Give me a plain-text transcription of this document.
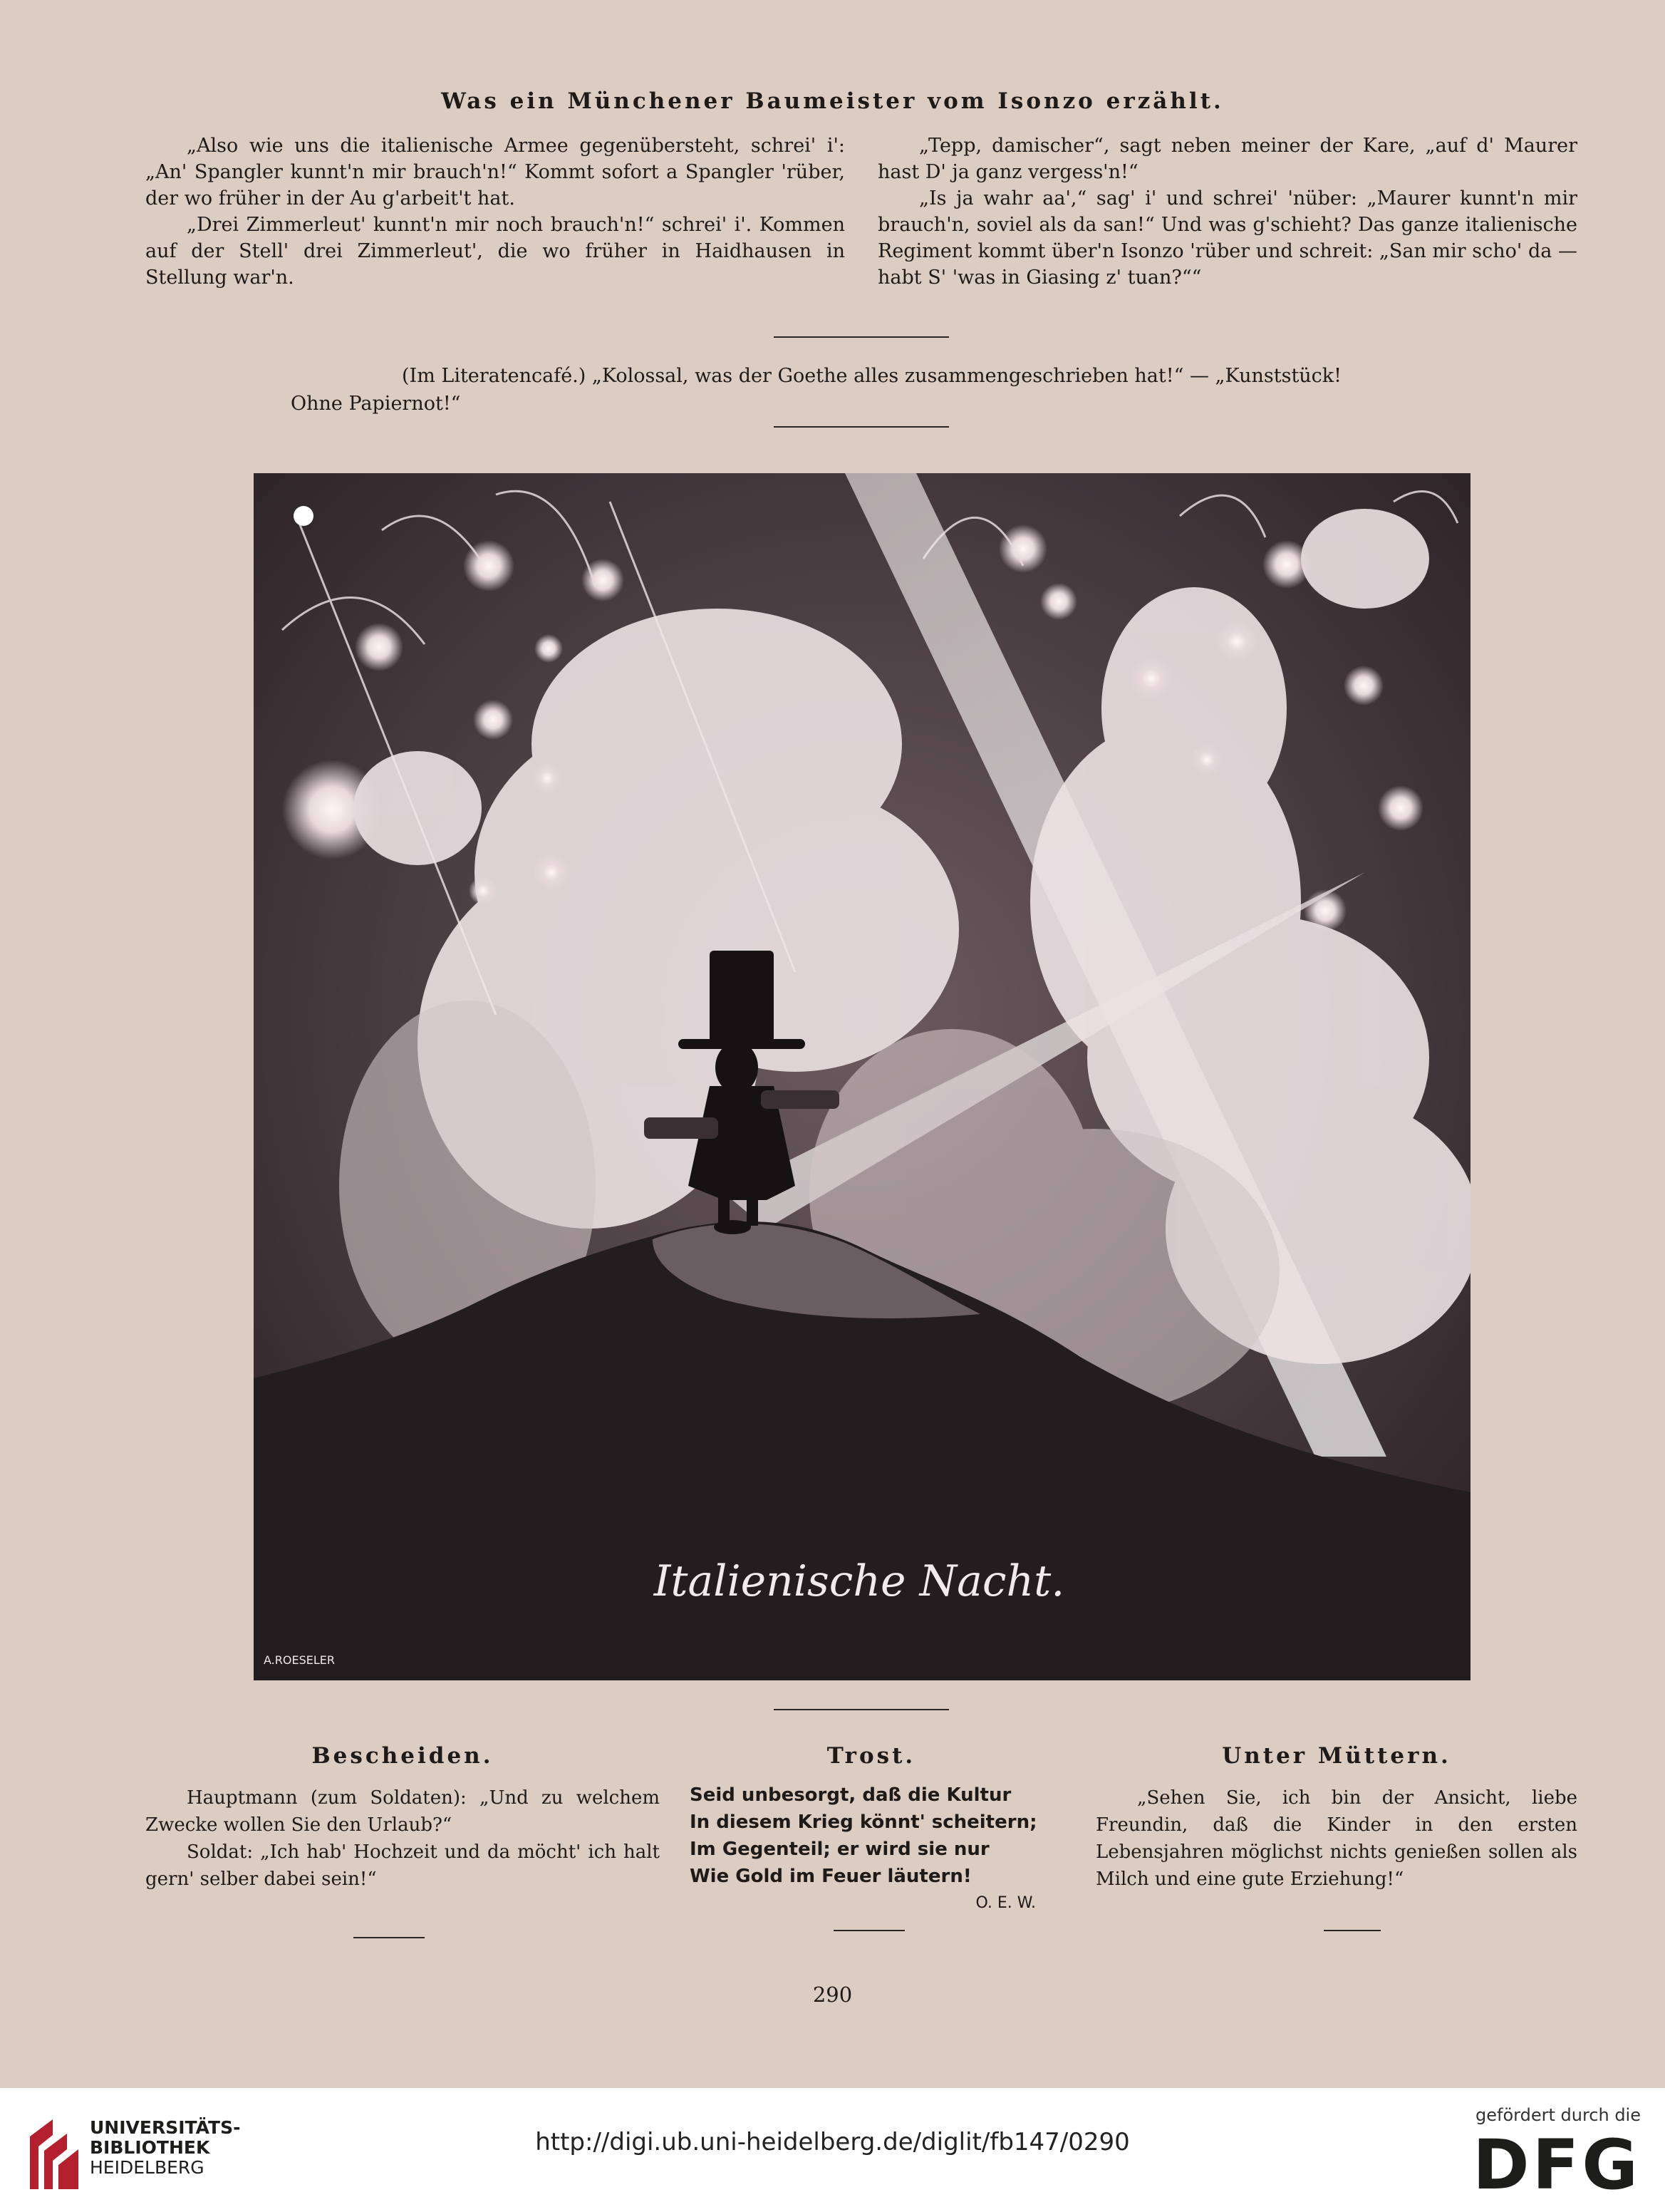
Was ein Münchener Baumeister vom Isonzo erzählt.

„Also wie uns die italienische Armee gegenübersteht, schrei' i': „An' Spangler kunnt'n mir brauch'n!“ Kommt sofort a Spangler 'rüber, der wo früher in der Au g'arbeit't hat.

„Drei Zimmerleut' kunnt'n mir noch brauch'n!“ schrei' i'. Kommen auf der Stell' drei Zimmerleut', die wo früher in Haidhausen in Stellung war'n.

„Tepp, damischer“, sagt neben meiner der Kare, „auf d' Maurer hast D' ja ganz vergess'n!“

„Is ja wahr aa',“ sag' i' und schrei' 'nüber: „Maurer kunnt'n mir brauch'n, soviel als da san!“ Und was g'schieht? Das ganze italienische Regiment kommt über'n Isonzo 'rüber und schreit: „San mir scho' da — habt S' 'was in Giasing z' tuan?““

(Im Literatencafé.) „Kolossal, was der Goethe alles zusammengeschrieben hat!“ — „Kunststück!
Ohne Papiernot!“
Italienische Nacht.
A.ROESELER
Bescheiden.

Hauptmann (zum Soldaten): „Und zu welchem Zwecke wollen Sie den Urlaub?“

Soldat: „Ich hab' Hochzeit und da möcht' ich halt gern' selber dabei sein!“

Trost.
Seid unbesorgt, daß die Kultur
In diesem Krieg könnt' scheitern;
Im Gegenteil; er wird sie nur
Wie Gold im Feuer läutern!
O. E. W.
Unter Müttern.

„Sehen Sie, ich bin der Ansicht, liebe Freundin, daß die Kinder in den ersten Lebensjahren möglichst nichts genießen sollen als Milch und eine gute Erziehung!“

290
UNIVERSITÄTS-
BIBLIOTHEK
HEIDELBERG
http://digi.ub.uni-heidelberg.de/diglit/fb147/0290
gefördert durch die
DFG
